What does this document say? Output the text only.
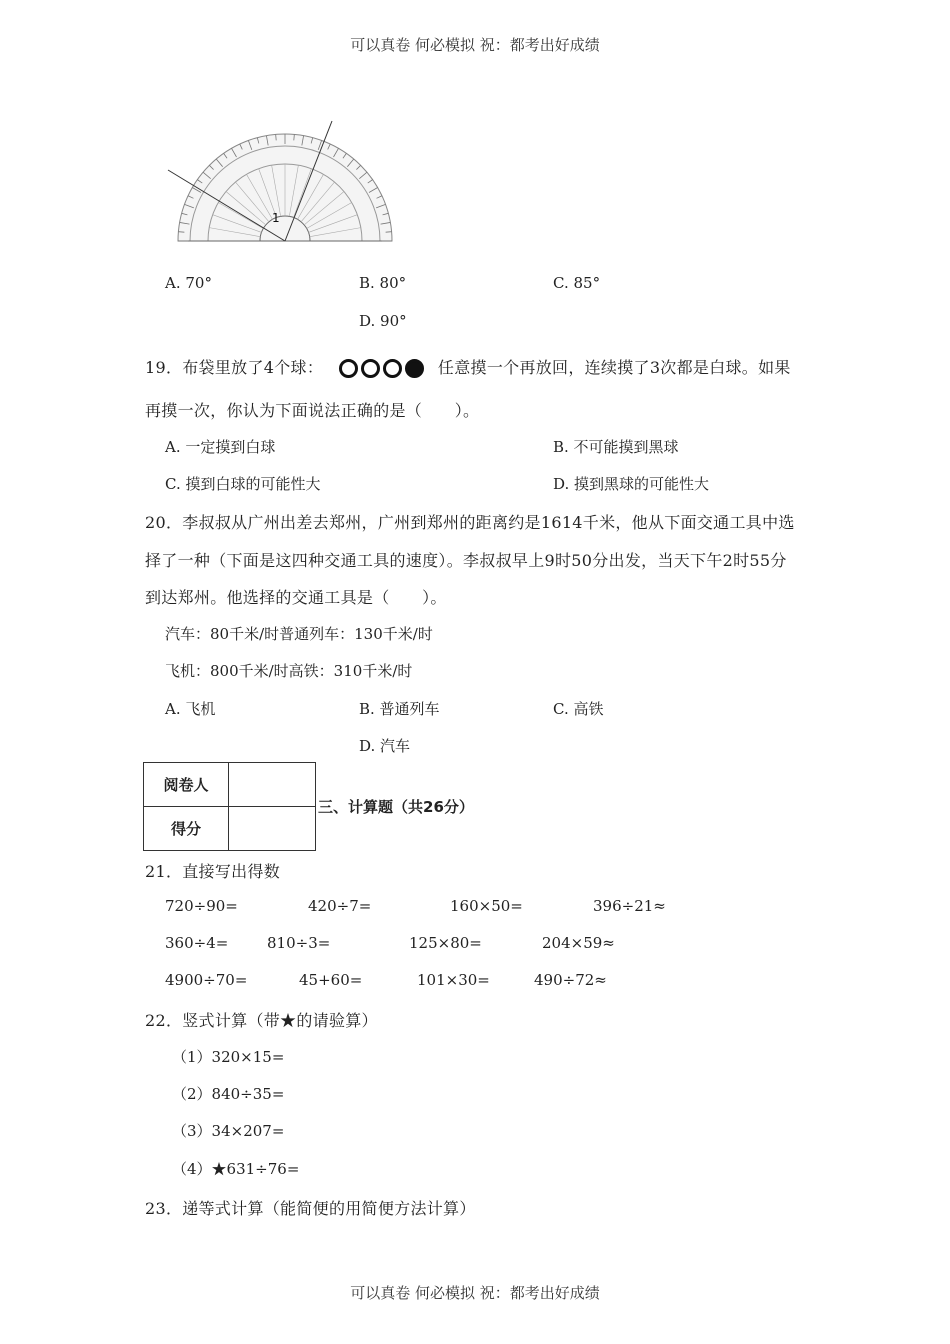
可以真卷 何必模拟 祝：都考出好成绩
1
A. 70°	B. 80°	C. 85°
D. 90°
19．布袋里放了4个球：	任意摸一个再放回，连续摸了3次都是白球。如果
再摸一次，你认为下面说法正确的是（　　）。
A. 一定摸到白球	B. 不可能摸到黑球
C. 摸到白球的可能性大	D. 摸到黑球的可能性大
20．李叔叔从广州出差去郑州，广州到郑州的距离约是1614千米，他从下面交通工具中选
择了一种（下面是这四种交通工具的速度）。李叔叔早上9时50分出发，当天下午2时55分
到达郑州。他选择的交通工具是（　　）。
汽车：80千米/时普通列车：130千米/时
飞机：800千米/时高铁：310千米/时
A. 飞机	B. 普通列车	C. 高铁
D. 汽车
阅卷人	
得分	
三、计算题（共26分）
21．直接写出得数
720÷90=	420÷7=	160×50=	396÷21≈
360÷4=	810÷3=	125×80=	204×59≈
4900÷70=	45+60=	101×30=	490÷72≈
22．竖式计算（带★的请验算）
（1）320×15=
（2）840÷35=
（3）34×207=
（4）★631÷76=
23．递等式计算（能简便的用简便方法计算）
可以真卷 何必模拟 祝：都考出好成绩
